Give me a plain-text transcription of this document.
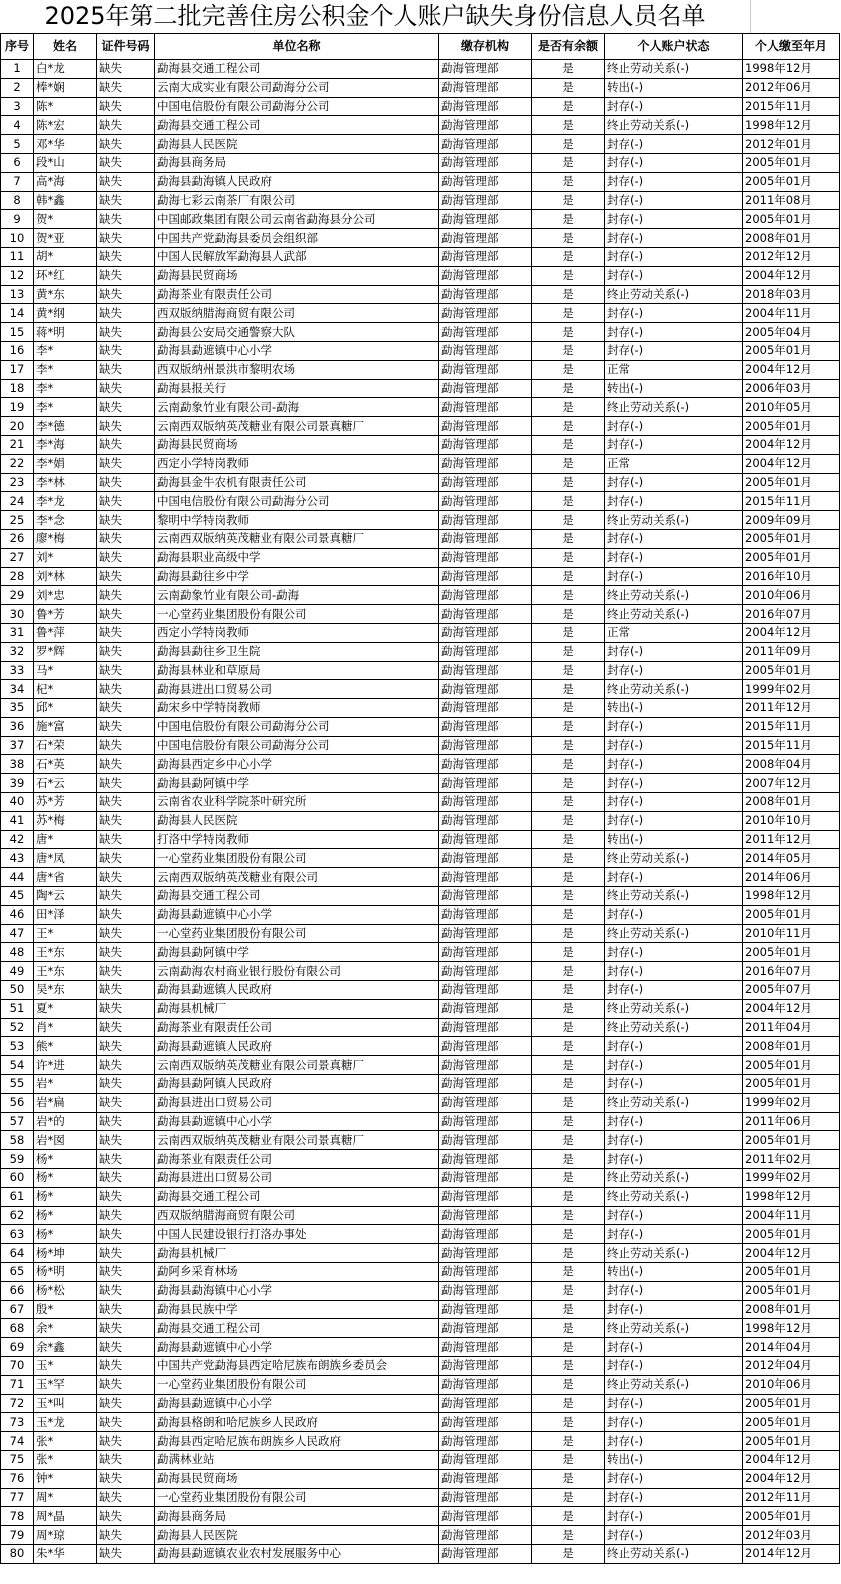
2025年第二批完善住房公积金个人账户缺失身份信息人员名单
序号	姓名	证件号码	单位名称	缴存机构	是否有余额	个人账户状态	个人缴至年月
1	白*龙	缺失	勐海县交通工程公司	勐海管理部	是	终止劳动关系(-)	1998年12月
2	棒*娴	缺失	云南大成实业有限公司勐海分公司	勐海管理部	是	转出(-)	2012年06月
3	陈*	缺失	中国电信股份有限公司勐海分公司	勐海管理部	是	封存(-)	2015年11月
4	陈*宏	缺失	勐海县交通工程公司	勐海管理部	是	终止劳动关系(-)	1998年12月
5	邓*华	缺失	勐海县人民医院	勐海管理部	是	封存(-)	2012年01月
6	段*山	缺失	勐海县商务局	勐海管理部	是	封存(-)	2005年01月
7	高*海	缺失	勐海县勐海镇人民政府	勐海管理部	是	封存(-)	2005年01月
8	韩*鑫	缺失	勐海七彩云南茶厂有限公司	勐海管理部	是	封存(-)	2011年08月
9	贺*	缺失	中国邮政集团有限公司云南省勐海县分公司	勐海管理部	是	封存(-)	2005年01月
10	贺*亚	缺失	中国共产党勐海县委员会组织部	勐海管理部	是	封存(-)	2008年01月
11	胡*	缺失	中国人民解放军勐海县人武部	勐海管理部	是	封存(-)	2012年12月
12	环*红	缺失	勐海县民贸商场	勐海管理部	是	封存(-)	2004年12月
13	黄*东	缺失	勐海茶业有限责任公司	勐海管理部	是	终止劳动关系(-)	2018年03月
14	黄*纲	缺失	西双版纳腊海商贸有限公司	勐海管理部	是	封存(-)	2004年11月
15	蒋*明	缺失	勐海县公安局交通警察大队	勐海管理部	是	封存(-)	2005年04月
16	李*	缺失	勐海县勐遮镇中心小学	勐海管理部	是	封存(-)	2005年01月
17	李*	缺失	西双版纳州景洪市黎明农场	勐海管理部	是	正常	2004年12月
18	李*	缺失	勐海县报关行	勐海管理部	是	转出(-)	2006年03月
19	李*	缺失	云南勐象竹业有限公司-勐海	勐海管理部	是	终止劳动关系(-)	2010年05月
20	李*德	缺失	云南西双版纳英茂糖业有限公司景真糖厂	勐海管理部	是	封存(-)	2005年01月
21	李*海	缺失	勐海县民贸商场	勐海管理部	是	封存(-)	2004年12月
22	李*娟	缺失	西定小学特岗教师	勐海管理部	是	正常	2004年12月
23	李*林	缺失	勐海县金牛农机有限责任公司	勐海管理部	是	封存(-)	2005年01月
24	李*龙	缺失	中国电信股份有限公司勐海分公司	勐海管理部	是	封存(-)	2015年11月
25	李*念	缺失	黎明中学特岗教师	勐海管理部	是	终止劳动关系(-)	2009年09月
26	廖*梅	缺失	云南西双版纳英茂糖业有限公司景真糖厂	勐海管理部	是	封存(-)	2005年01月
27	刘*	缺失	勐海县职业高级中学	勐海管理部	是	封存(-)	2005年01月
28	刘*林	缺失	勐海县勐往乡中学	勐海管理部	是	封存(-)	2016年10月
29	刘*忠	缺失	云南勐象竹业有限公司-勐海	勐海管理部	是	终止劳动关系(-)	2010年06月
30	鲁*芳	缺失	一心堂药业集团股份有限公司	勐海管理部	是	终止劳动关系(-)	2016年07月
31	鲁*萍	缺失	西定小学特岗教师	勐海管理部	是	正常	2004年12月
32	罗*辉	缺失	勐海县勐往乡卫生院	勐海管理部	是	封存(-)	2011年09月
33	马*	缺失	勐海县林业和草原局	勐海管理部	是	封存(-)	2005年01月
34	杞*	缺失	勐海县进出口贸易公司	勐海管理部	是	终止劳动关系(-)	1999年02月
35	邱*	缺失	勐宋乡中学特岗教师	勐海管理部	是	转出(-)	2011年12月
36	施*富	缺失	中国电信股份有限公司勐海分公司	勐海管理部	是	封存(-)	2015年11月
37	石*荣	缺失	中国电信股份有限公司勐海分公司	勐海管理部	是	封存(-)	2015年11月
38	石*英	缺失	勐海县西定乡中心小学	勐海管理部	是	封存(-)	2008年04月
39	石*云	缺失	勐海县勐阿镇中学	勐海管理部	是	封存(-)	2007年12月
40	苏*芳	缺失	云南省农业科学院茶叶研究所	勐海管理部	是	封存(-)	2008年01月
41	苏*梅	缺失	勐海县人民医院	勐海管理部	是	封存(-)	2010年10月
42	唐*	缺失	打洛中学特岗教师	勐海管理部	是	转出(-)	2011年12月
43	唐*凤	缺失	一心堂药业集团股份有限公司	勐海管理部	是	终止劳动关系(-)	2014年05月
44	唐*省	缺失	云南西双版纳英茂糖业有限公司	勐海管理部	是	封存(-)	2014年06月
45	陶*云	缺失	勐海县交通工程公司	勐海管理部	是	终止劳动关系(-)	1998年12月
46	田*泽	缺失	勐海县勐遮镇中心小学	勐海管理部	是	封存(-)	2005年01月
47	王*	缺失	一心堂药业集团股份有限公司	勐海管理部	是	终止劳动关系(-)	2010年11月
48	王*东	缺失	勐海县勐阿镇中学	勐海管理部	是	封存(-)	2005年01月
49	王*东	缺失	云南勐海农村商业银行股份有限公司	勐海管理部	是	封存(-)	2016年07月
50	吴*东	缺失	勐海县勐遮镇人民政府	勐海管理部	是	封存(-)	2005年07月
51	夏*	缺失	勐海县机械厂	勐海管理部	是	终止劳动关系(-)	2004年12月
52	肖*	缺失	勐海茶业有限责任公司	勐海管理部	是	终止劳动关系(-)	2011年04月
53	熊*	缺失	勐海县勐遮镇人民政府	勐海管理部	是	封存(-)	2008年01月
54	许*进	缺失	云南西双版纳英茂糖业有限公司景真糖厂	勐海管理部	是	封存(-)	2005年01月
55	岩*	缺失	勐海县勐阿镇人民政府	勐海管理部	是	封存(-)	2005年01月
56	岩*扁	缺失	勐海县进出口贸易公司	勐海管理部	是	终止劳动关系(-)	1999年02月
57	岩*的	缺失	勐海县勐遮镇中心小学	勐海管理部	是	封存(-)	2011年06月
58	岩*囡	缺失	云南西双版纳英茂糖业有限公司景真糖厂	勐海管理部	是	封存(-)	2005年01月
59	杨*	缺失	勐海茶业有限责任公司	勐海管理部	是	封存(-)	2011年02月
60	杨*	缺失	勐海县进出口贸易公司	勐海管理部	是	终止劳动关系(-)	1999年02月
61	杨*	缺失	勐海县交通工程公司	勐海管理部	是	终止劳动关系(-)	1998年12月
62	杨*	缺失	西双版纳腊海商贸有限公司	勐海管理部	是	封存(-)	2004年11月
63	杨*	缺失	中国人民建设银行打洛办事处	勐海管理部	是	封存(-)	2005年01月
64	杨*坤	缺失	勐海县机械厂	勐海管理部	是	终止劳动关系(-)	2004年12月
65	杨*明	缺失	勐阿乡采育林场	勐海管理部	是	转出(-)	2005年01月
66	杨*松	缺失	勐海县勐海镇中心小学	勐海管理部	是	封存(-)	2005年01月
67	殷*	缺失	勐海县民族中学	勐海管理部	是	封存(-)	2008年01月
68	余*	缺失	勐海县交通工程公司	勐海管理部	是	终止劳动关系(-)	1998年12月
69	余*鑫	缺失	勐海县勐遮镇中心小学	勐海管理部	是	封存(-)	2014年04月
70	玉*	缺失	中国共产党勐海县西定哈尼族布朗族乡委员会	勐海管理部	是	封存(-)	2012年04月
71	玉*罕	缺失	一心堂药业集团股份有限公司	勐海管理部	是	终止劳动关系(-)	2010年06月
72	玉*叫	缺失	勐海县勐遮镇中心小学	勐海管理部	是	封存(-)	2005年01月
73	玉*龙	缺失	勐海县格朗和哈尼族乡人民政府	勐海管理部	是	封存(-)	2005年01月
74	张*	缺失	勐海县西定哈尼族布朗族乡人民政府	勐海管理部	是	封存(-)	2005年01月
75	张*	缺失	勐满林业站	勐海管理部	是	转出(-)	2004年12月
76	钟*	缺失	勐海县民贸商场	勐海管理部	是	封存(-)	2004年12月
77	周*	缺失	一心堂药业集团股份有限公司	勐海管理部	是	封存(-)	2012年11月
78	周*晶	缺失	勐海县商务局	勐海管理部	是	封存(-)	2005年01月
79	周*琼	缺失	勐海县人民医院	勐海管理部	是	封存(-)	2012年03月
80	朱*华	缺失	勐海县勐遮镇农业农村发展服务中心	勐海管理部	是	终止劳动关系(-)	2014年12月
